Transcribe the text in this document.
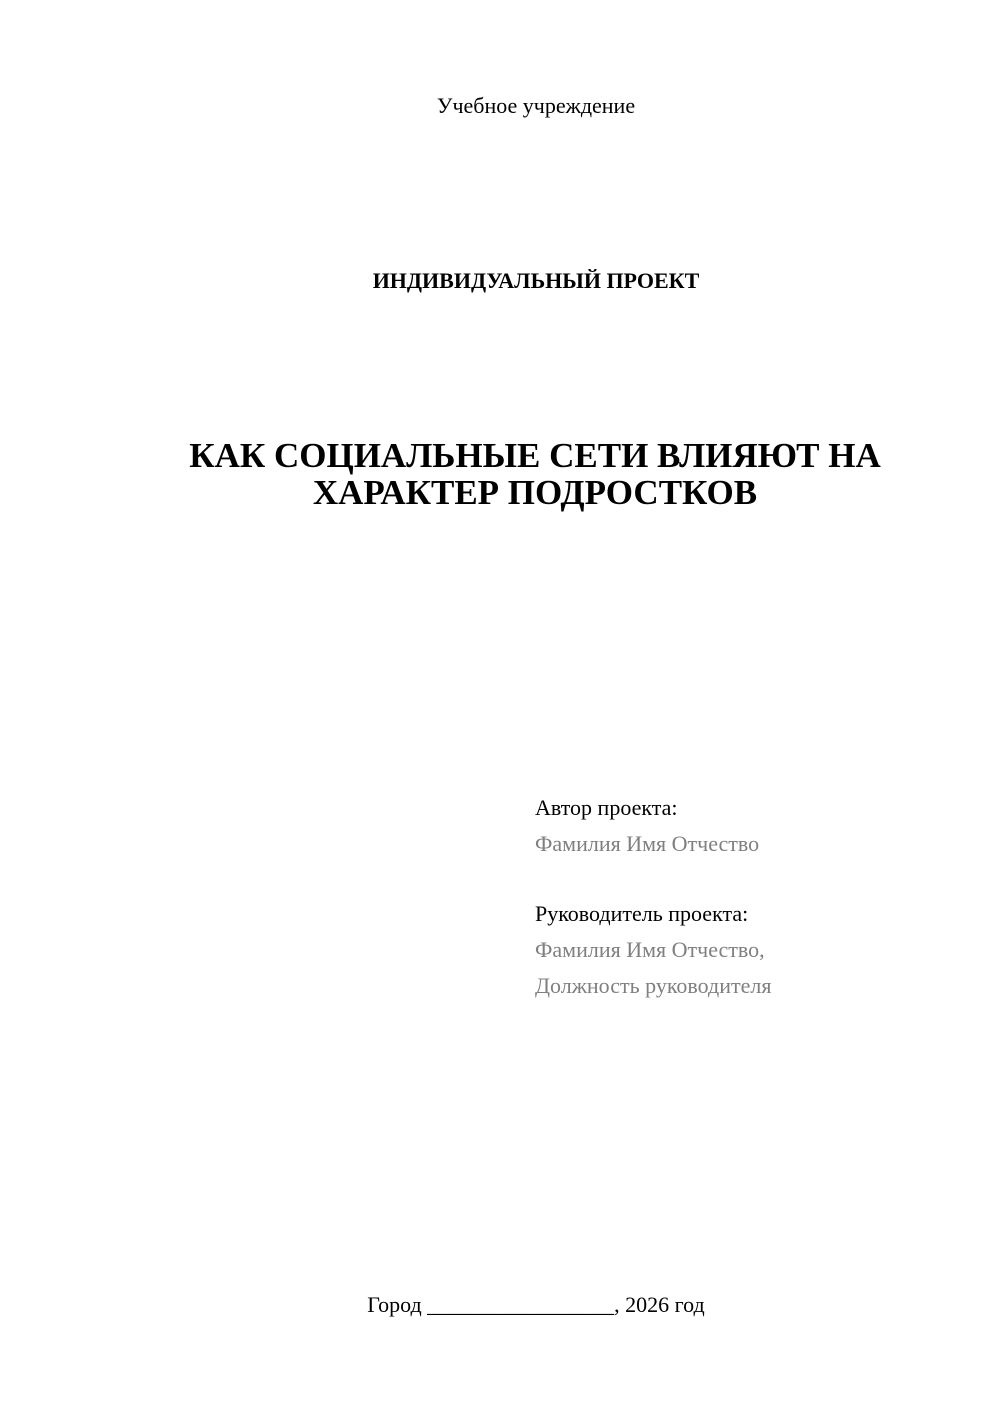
Учебное учреждение
ИНДИВИДУАЛЬНЫЙ ПРОЕКТ
КАК СОЦИАЛЬНЫЕ СЕТИ ВЛИЯЮТ НА
ХАРАКТЕР ПОДРОСТКОВ
Автор проекта:
Фамилия Имя Отчество
Руководитель проекта:
Фамилия Имя Отчество,
Должность руководителя
Город _________________, 2026 год
